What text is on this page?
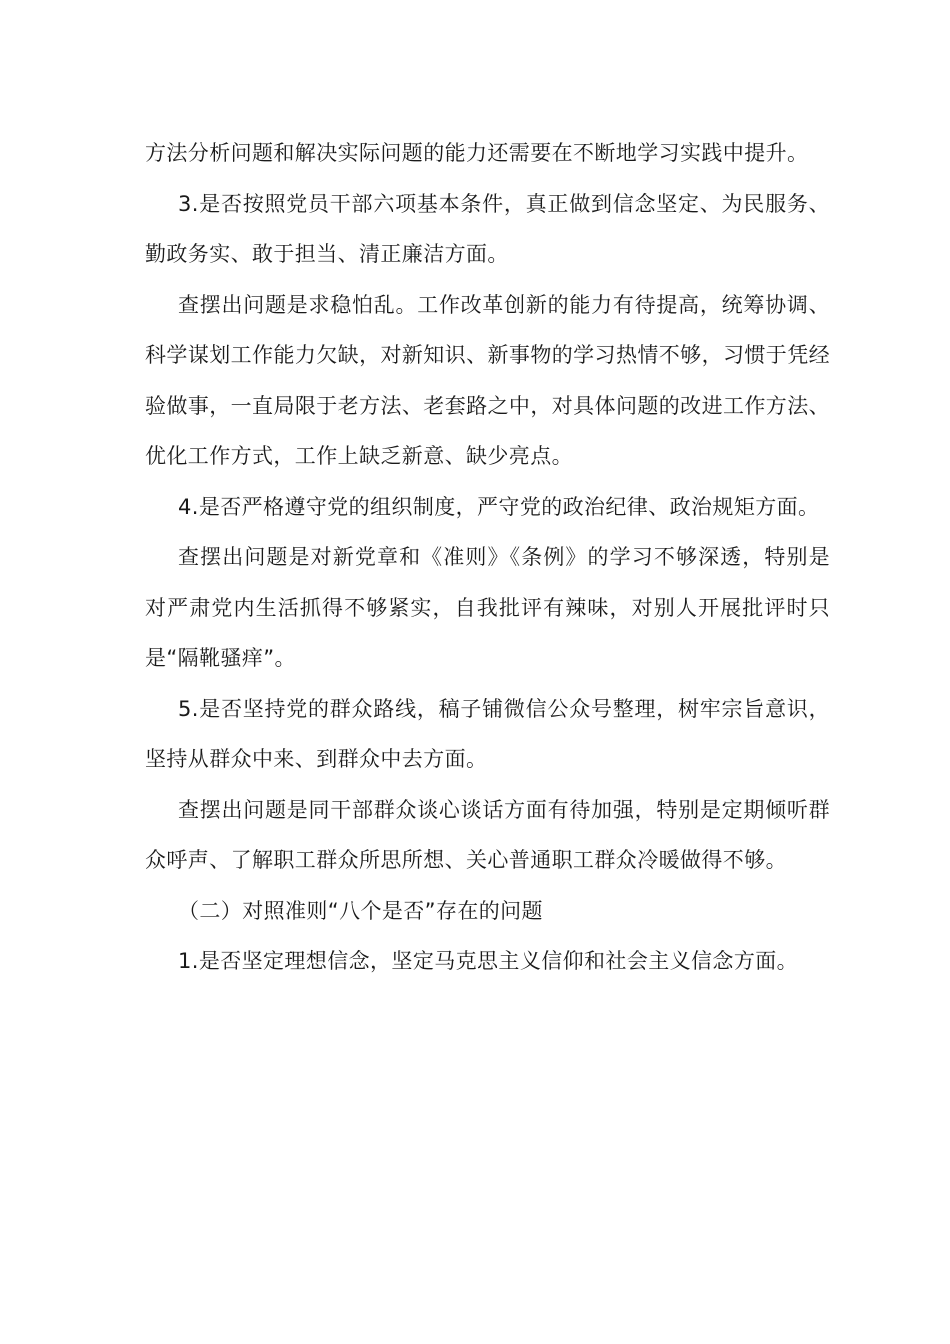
方法分析问题和解决实际问题的能力还需要在不断地学习实践中提升。

3.是否按照党员干部六项基本条件，真正做到信念坚定、为民服务、勤政务实、敢于担当、清正廉洁方面。

查摆出问题是求稳怕乱。工作改革创新的能力有待提高，统筹协调、科学谋划工作能力欠缺，对新知识、新事物的学习热情不够，习惯于凭经验做事，一直局限于老方法、老套路之中，对具体问题的改进工作方法、优化工作方式，工作上缺乏新意、缺少亮点。

4.是否严格遵守党的组织制度，严守党的政治纪律、政治规矩方面。

查摆出问题是对新党章和《准则》《条例》的学习不够深透，特别是对严肃党内生活抓得不够紧实，自我批评有辣味，对别人开展批评时只是“隔靴骚痒”。

5.是否坚持党的群众路线，稿子铺微信公众号整理，树牢宗旨意识，坚持从群众中来、到群众中去方面。

查摆出问题是同干部群众谈心谈话方面有待加强，特别是定期倾听群众呼声、了解职工群众所思所想、关心普通职工群众冷暖做得不够。

（二）对照准则“八个是否”存在的问题

1.是否坚定理想信念，坚定马克思主义信仰和社会主义信念方面。
